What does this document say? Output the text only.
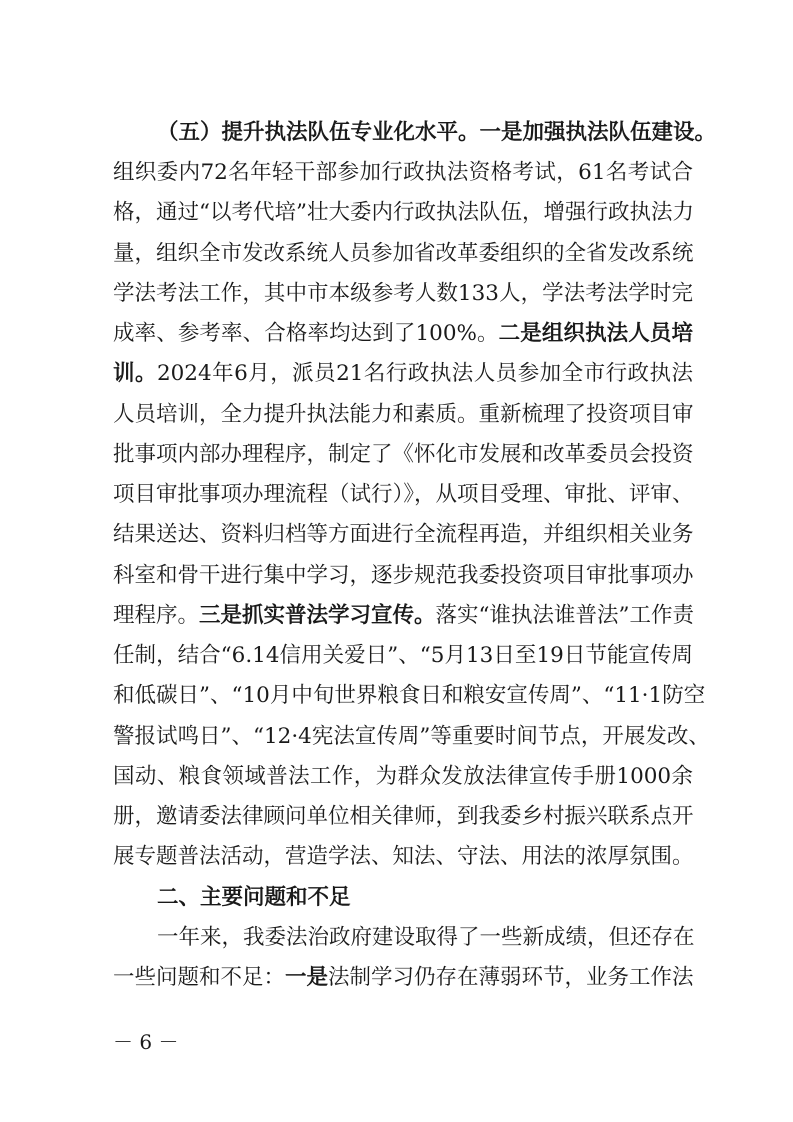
（五）提升执法队伍专业化水平。一是加强执法队伍建设。
组织委内72名年轻干部参加行政执法资格考试，61名考试合
格，通过“以考代培”壮大委内行政执法队伍，增强行政执法力
量，组织全市发改系统人员参加省改革委组织的全省发改系统
学法考法工作，其中市本级参考人数133人，学法考法学时完
成率、参考率、合格率均达到了100%。二是组织执法人员培
训。2024年6月，派员21名行政执法人员参加全市行政执法
人员培训，全力提升执法能力和素质。重新梳理了投资项目审
批事项内部办理程序，制定了《怀化市发展和改革委员会投资
项目审批事项办理流程（试行）》，从项目受理、审批、评审、
结果送达、资料归档等方面进行全流程再造，并组织相关业务
科室和骨干进行集中学习，逐步规范我委投资项目审批事项办
理程序。三是抓实普法学习宣传。落实“谁执法谁普法”工作责
任制，结合“6.14信用关爱日”、“5月13日至19日节能宣传周
和低碳日”、“10月中旬世界粮食日和粮安宣传周”、“11·1防空
警报试鸣日”、“12·4宪法宣传周”等重要时间节点，开展发改、
国动、粮食领域普法工作，为群众发放法律宣传手册1000余
册，邀请委法律顾问单位相关律师，到我委乡村振兴联系点开
展专题普法活动，营造学法、知法、守法、用法的浓厚氛围。
二、主要问题和不足
一年来，我委法治政府建设取得了一些新成绩，但还存在
一些问题和不足：一是法制学习仍存在薄弱环节，业务工作法
－ 6 －
